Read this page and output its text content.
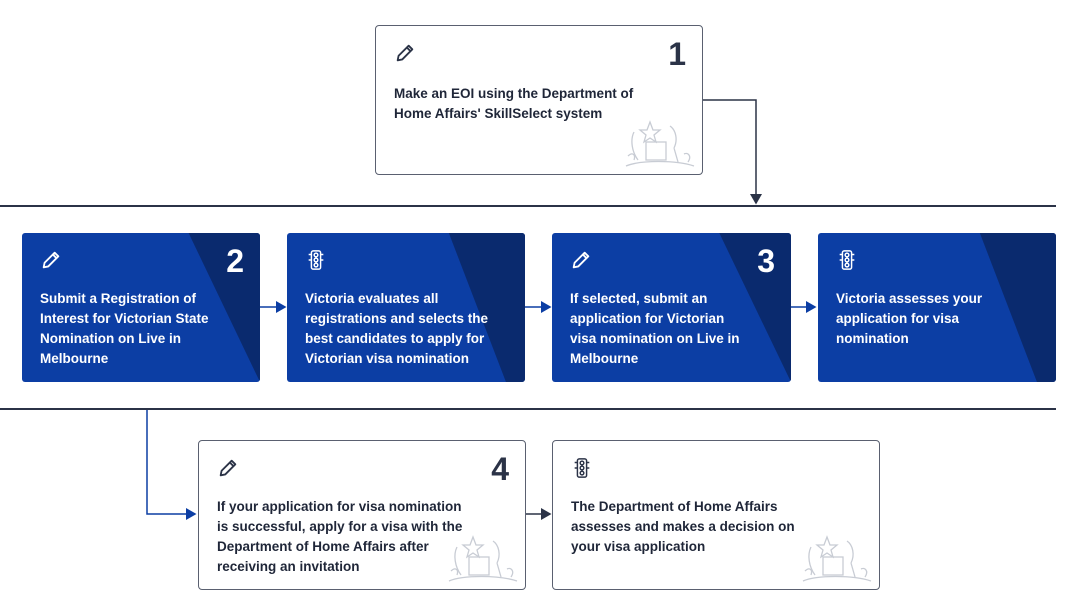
1
Make an EOI using the Department of Home Affairs' SkillSelect system
2
Submit a Registration of Interest for Victorian State Nomination on Live in Melbourne
Victoria evaluates all registrations and selects the best candidates to apply for Victorian visa nomination
3
If selected, submit an application for Victorian visa nomination on Live in Melbourne
Victoria assesses your application for visa nomination
4
If your application for visa nomination is successful, apply for a visa with the Department of Home Affairs after receiving an invitation
The Department of Home Affairs assesses and makes a decision on your visa application
